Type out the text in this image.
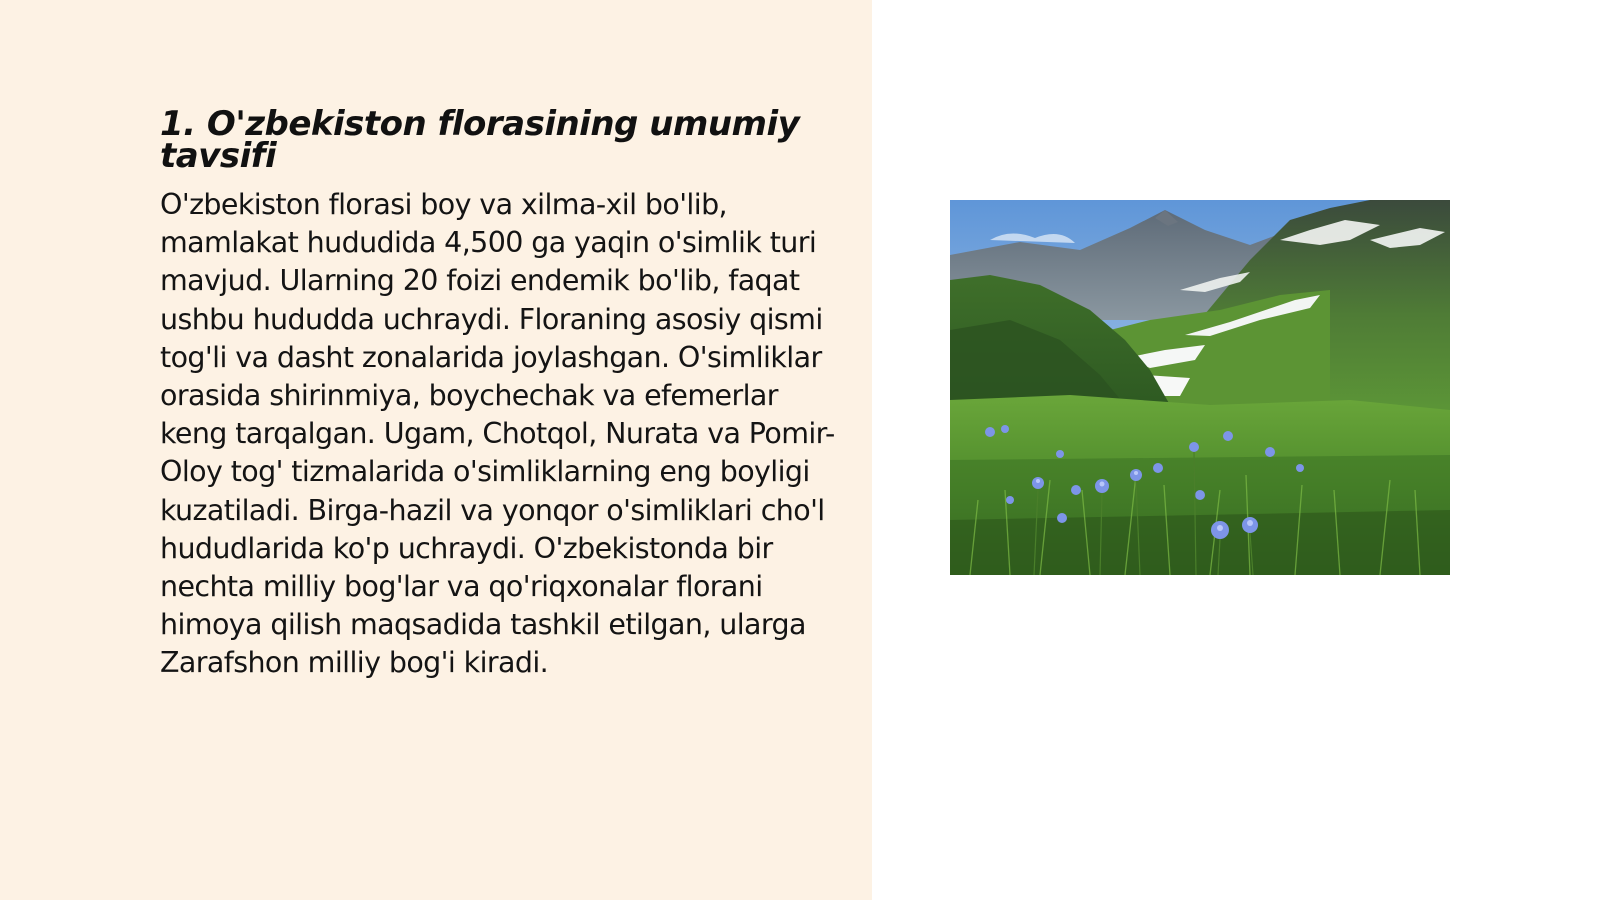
1. O'zbekiston florasining umumiy tavsifi

O'zbekiston florasi boy va xilma-xil bo'lib, mamlakat hududida 4,500 ga yaqin o'simlik turi mavjud. Ularning 20 foizi endemik bo'lib, faqat ushbu hududda uchraydi. Floraning asosiy qismi tog'li va dasht zonalarida joylashgan. O'simliklar orasida shirinmiya, boychechak va efemerlar keng tarqalgan. Ugam, Chotqol, Nurata va Pomir-Oloy tog' tizmalarida o'simliklarning eng boyligi kuzatiladi. Birga-hazil va yonqor o'simliklari cho'l hududlarida ko'p uchraydi. O'zbekistonda bir nechta milliy bog'lar va qo'riqxonalar florani himoya qilish maqsadida tashkil etilgan, ularga Zarafshon milliy bog'i kiradi.
